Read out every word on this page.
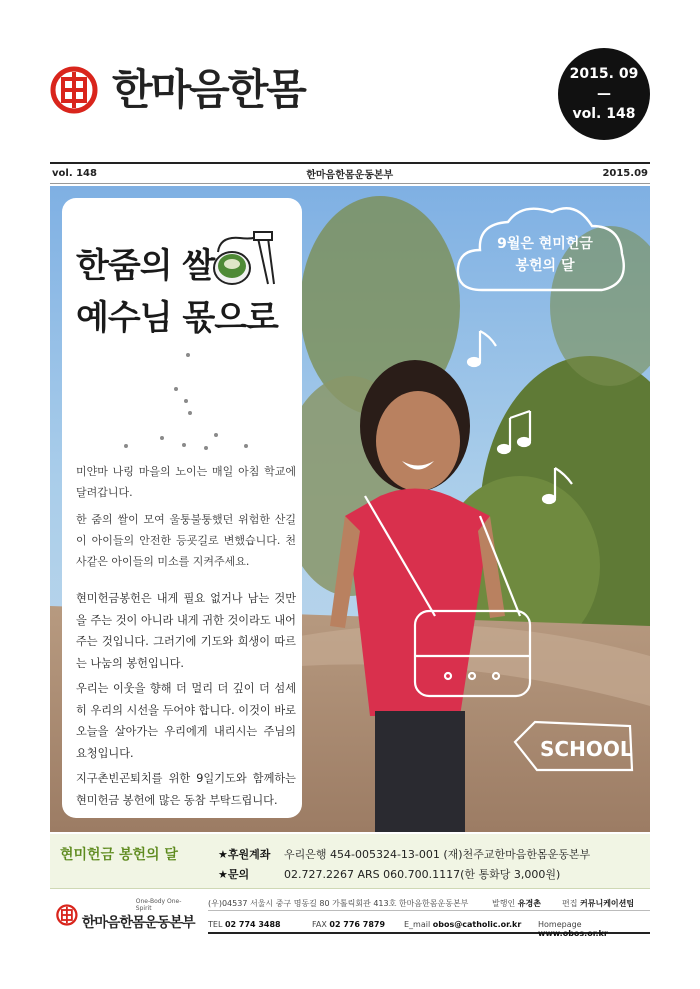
한마음한몸	2015. 09
—
vol. 148
vol. 148	한마음한몸운동본부	2015.09
SCHOOL
9월은 현미헌금
봉헌의 달
한줌의 쌀
예수님 몫으로

미얀마 나링 마을의 노이는 매일 아침 학교에 달려갑니다.

한 줌의 쌀이 모여 울퉁불퉁했던 위험한 산길이 아이들의 안전한 등굣길로 변했습니다. 천사같은 아이들의 미소를 지켜주세요.

현미헌금봉헌은 내게 필요 없거나 남는 것만을 주는 것이 아니라 내게 귀한 것이라도 내어주는 것입니다. 그러기에 기도와 희생이 따르는 나눔의 봉헌입니다.

우리는 이웃을 향해 더 멀리 더 깊이 더 섬세히 우리의 시선을 두어야 합니다. 이것이 바로 오늘을 살아가는 우리에게 내리시는 주님의 요청입니다.

지구촌빈곤퇴치를 위한 9일기도와 함께하는 현미헌금 봉헌에 많은 동참 부탁드립니다.

현미헌금 봉헌의 달	★후원계좌 우리은행 454-005324-13-001 (재)천주교한마음한몸운동본부
★문의	02.727.2267 ARS 060.700.1117(한 통화당 3,000원)
One-Body One-Spirit
한마음한몸운동본부
(우)04537 서울시 중구 명동길 80 가톨릭회관 413호 한마음한몸운동본부	발행인 유경촌	편집 커뮤니케이션팀
TEL 02 774 3488	FAX 02 776 7879 E_mail obos@catholic.or.kr Homepage www.obos.or.kr
